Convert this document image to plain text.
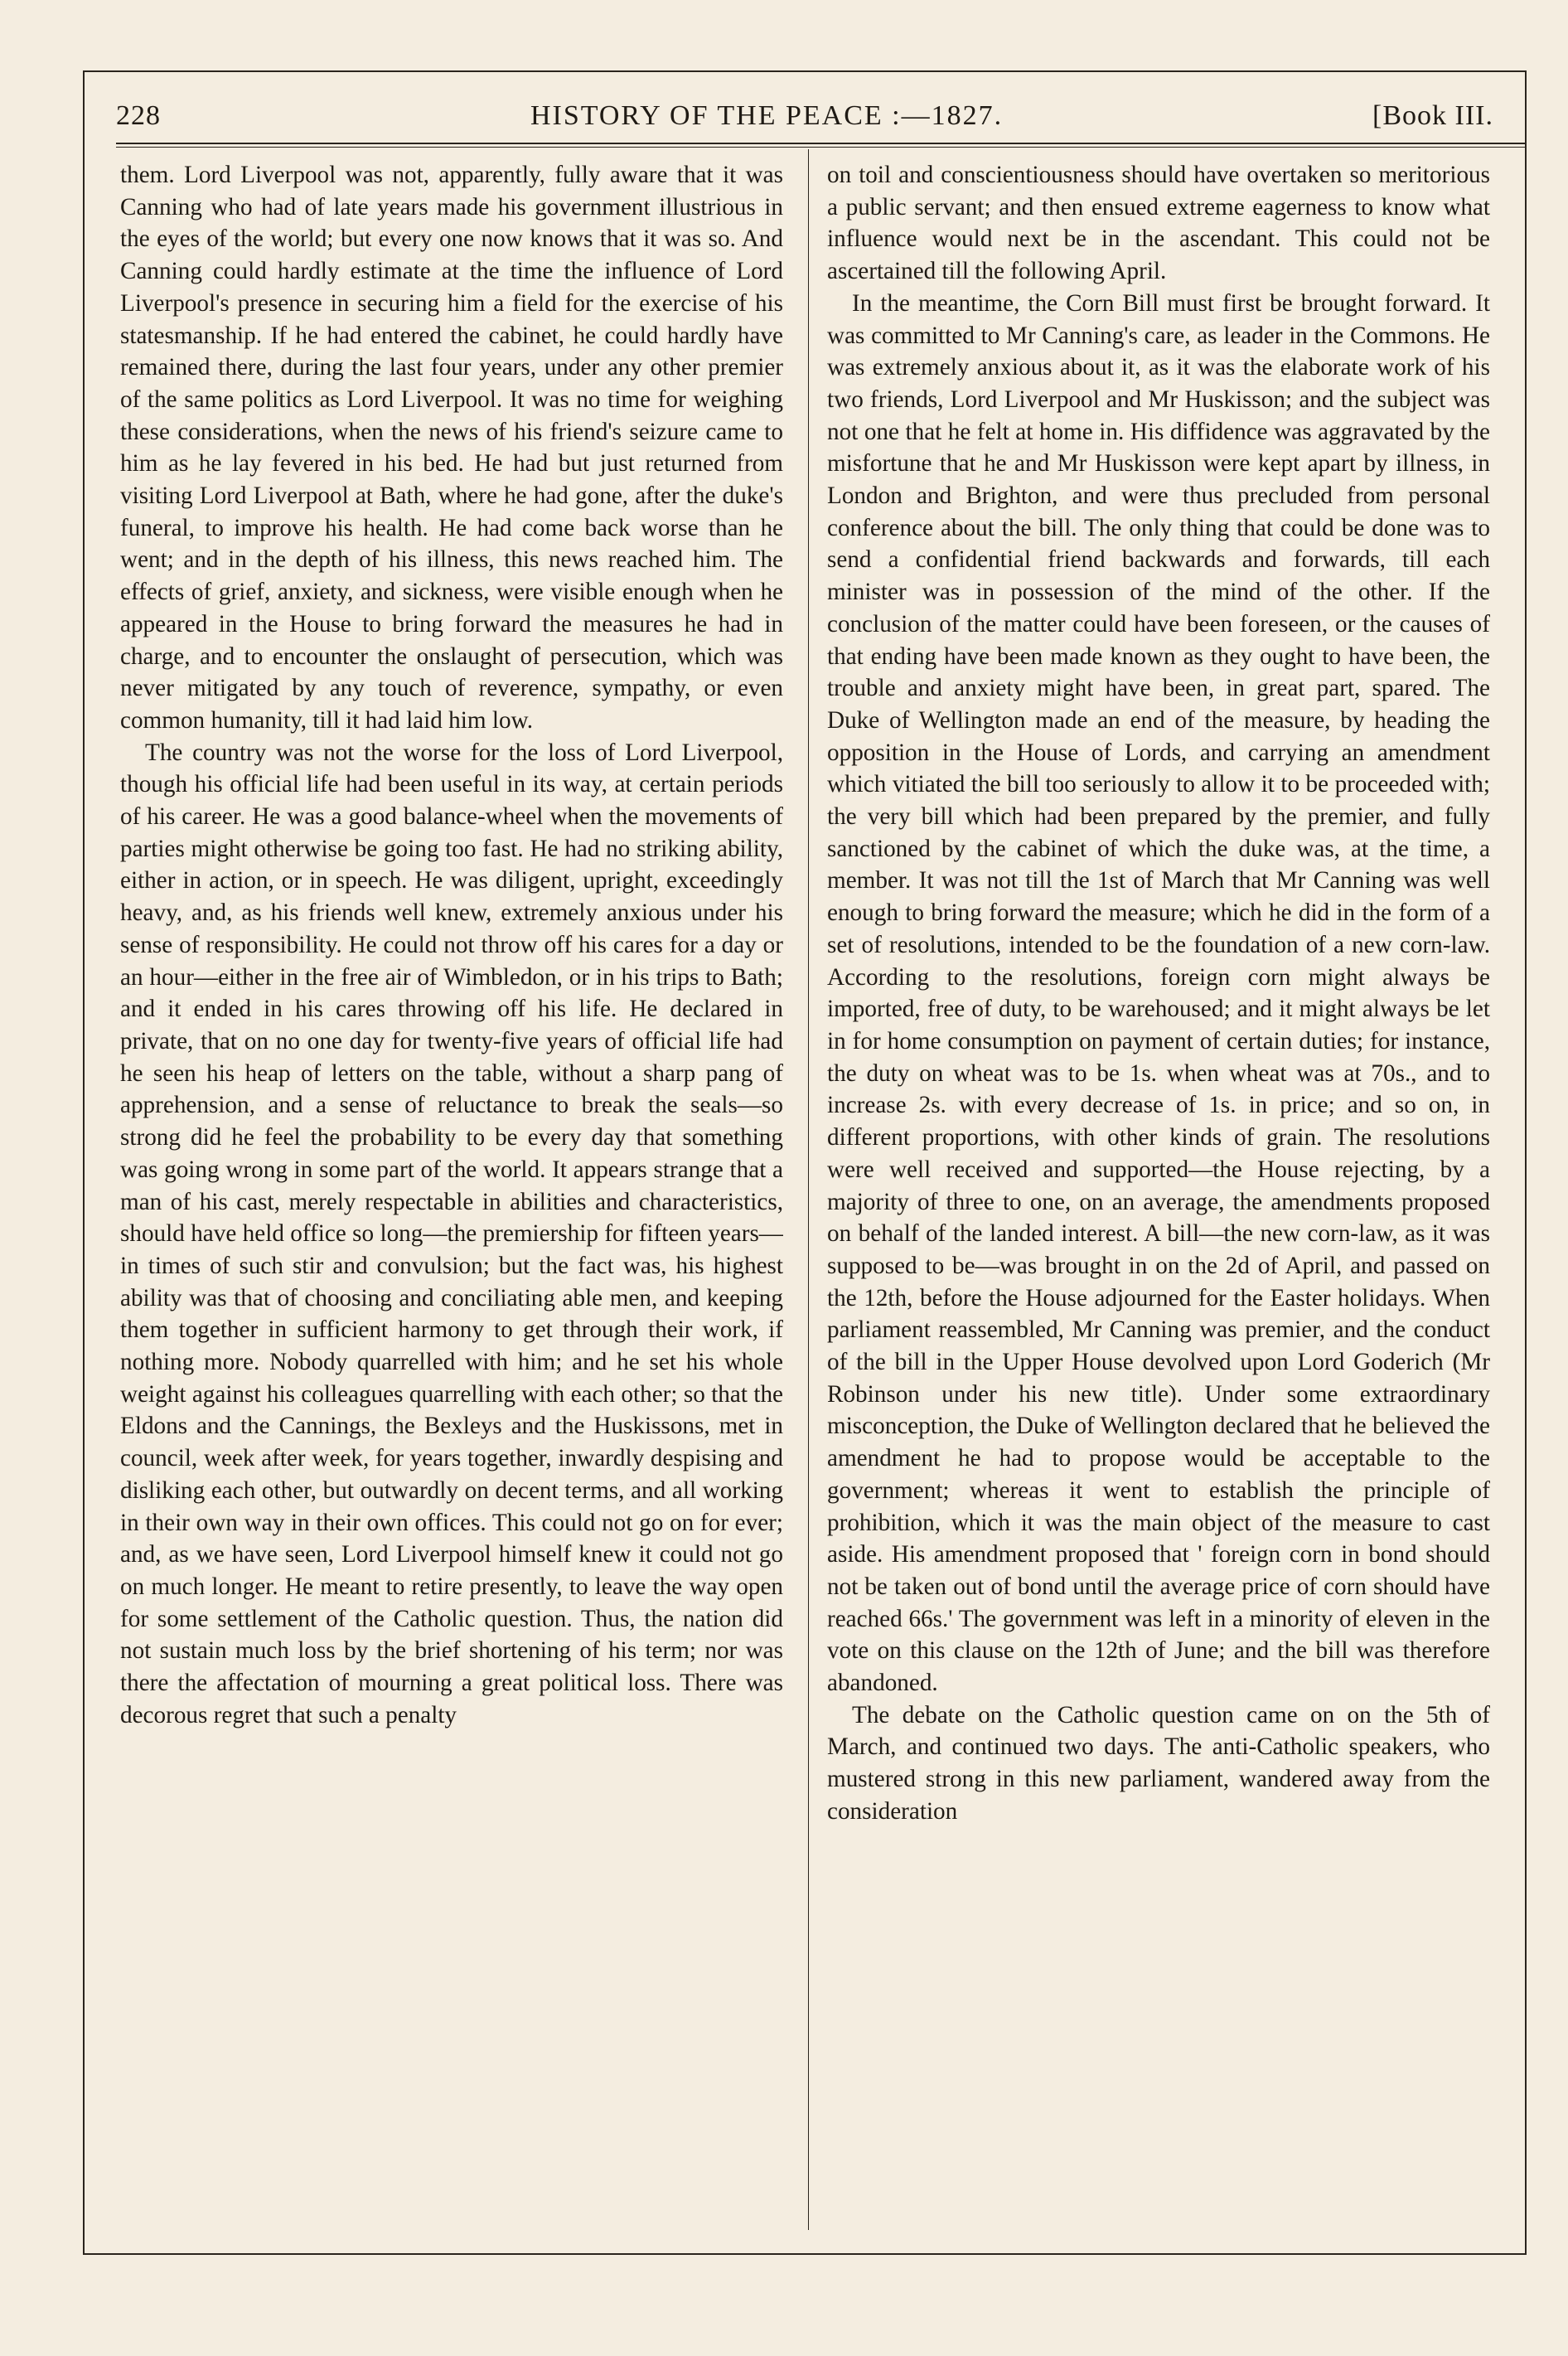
228	HISTORY OF THE PEACE :—1827.	[Book III.

them. Lord Liverpool was not, apparently, fully aware that it was Canning who had of late years made his government illustrious in the eyes of the world; but every one now knows that it was so. And Canning could hardly estimate at the time the influence of Lord Liverpool's presence in securing him a field for the exercise of his statesmanship. If he had entered the cabinet, he could hardly have remained there, during the last four years, under any other premier of the same politics as Lord Liverpool. It was no time for weighing these considerations, when the news of his friend's seizure came to him as he lay fevered in his bed. He had but just returned from visiting Lord Liverpool at Bath, where he had gone, after the duke's funeral, to improve his health. He had come back worse than he went; and in the depth of his illness, this news reached him. The effects of grief, anxiety, and sickness, were visible enough when he appeared in the House to bring forward the measures he had in charge, and to encounter the onslaught of persecution, which was never mitigated by any touch of reverence, sympathy, or even common humanity, till it had laid him low.

The country was not the worse for the loss of Lord Liverpool, though his official life had been useful in its way, at certain periods of his career. He was a good balance-wheel when the movements of parties might otherwise be going too fast. He had no striking ability, either in action, or in speech. He was diligent, upright, exceedingly heavy, and, as his friends well knew, extremely anxious under his sense of responsibility. He could not throw off his cares for a day or an hour—either in the free air of Wimbledon, or in his trips to Bath; and it ended in his cares throwing off his life. He declared in private, that on no one day for twenty-five years of official life had he seen his heap of letters on the table, without a sharp pang of apprehension, and a sense of reluctance to break the seals—so strong did he feel the probability to be every day that something was going wrong in some part of the world. It appears strange that a man of his cast, merely respectable in abilities and characteristics, should have held office so long—the premiership for fifteen years—in times of such stir and convulsion; but the fact was, his highest ability was that of choosing and conciliating able men, and keeping them together in sufficient harmony to get through their work, if nothing more. Nobody quarrelled with him; and he set his whole weight against his colleagues quarrelling with each other; so that the Eldons and the Cannings, the Bexleys and the Huskissons, met in council, week after week, for years together, inwardly despising and disliking each other, but outwardly on decent terms, and all working in their own way in their own offices. This could not go on for ever; and, as we have seen, Lord Liverpool himself knew it could not go on much longer. He meant to retire presently, to leave the way open for some settlement of the Catholic question. Thus, the nation did not sustain much loss by the brief shortening of his term; nor was there the affectation of mourning a great political loss. There was decorous regret that such a penalty

on toil and conscientiousness should have overtaken so meritorious a public servant; and then ensued extreme eagerness to know what influence would next be in the ascendant. This could not be ascertained till the following April.

In the meantime, the Corn Bill must first be brought forward. It was committed to Mr Canning's care, as leader in the Commons. He was extremely anxious about it, as it was the elaborate work of his two friends, Lord Liverpool and Mr Huskisson; and the subject was not one that he felt at home in. His diffidence was aggravated by the misfortune that he and Mr Huskisson were kept apart by illness, in London and Brighton, and were thus precluded from personal conference about the bill. The only thing that could be done was to send a confidential friend backwards and forwards, till each minister was in possession of the mind of the other. If the conclusion of the matter could have been foreseen, or the causes of that ending have been made known as they ought to have been, the trouble and anxiety might have been, in great part, spared. The Duke of Wellington made an end of the measure, by heading the opposition in the House of Lords, and carrying an amendment which vitiated the bill too seriously to allow it to be proceeded with; the very bill which had been prepared by the premier, and fully sanctioned by the cabinet of which the duke was, at the time, a member. It was not till the 1st of March that Mr Canning was well enough to bring forward the measure; which he did in the form of a set of resolutions, intended to be the foundation of a new corn-law. According to the resolutions, foreign corn might always be imported, free of duty, to be warehoused; and it might always be let in for home consumption on payment of certain duties; for instance, the duty on wheat was to be 1s. when wheat was at 70s., and to increase 2s. with every decrease of 1s. in price; and so on, in different proportions, with other kinds of grain. The resolutions were well received and supported—the House rejecting, by a majority of three to one, on an average, the amendments proposed on behalf of the landed interest. A bill—the new corn-law, as it was supposed to be—was brought in on the 2d of April, and passed on the 12th, before the House adjourned for the Easter holidays. When parliament reassembled, Mr Canning was premier, and the conduct of the bill in the Upper House devolved upon Lord Goderich (Mr Robinson under his new title). Under some extraordinary misconception, the Duke of Wellington declared that he believed the amendment he had to propose would be acceptable to the government; whereas it went to establish the principle of prohibition, which it was the main object of the measure to cast aside. His amendment proposed that ' foreign corn in bond should not be taken out of bond until the average price of corn should have reached 66s.' The government was left in a minority of eleven in the vote on this clause on the 12th of June; and the bill was therefore abandoned.

The debate on the Catholic question came on on the 5th of March, and continued two days. The anti-Catholic speakers, who mustered strong in this new parliament, wandered away from the consideration
